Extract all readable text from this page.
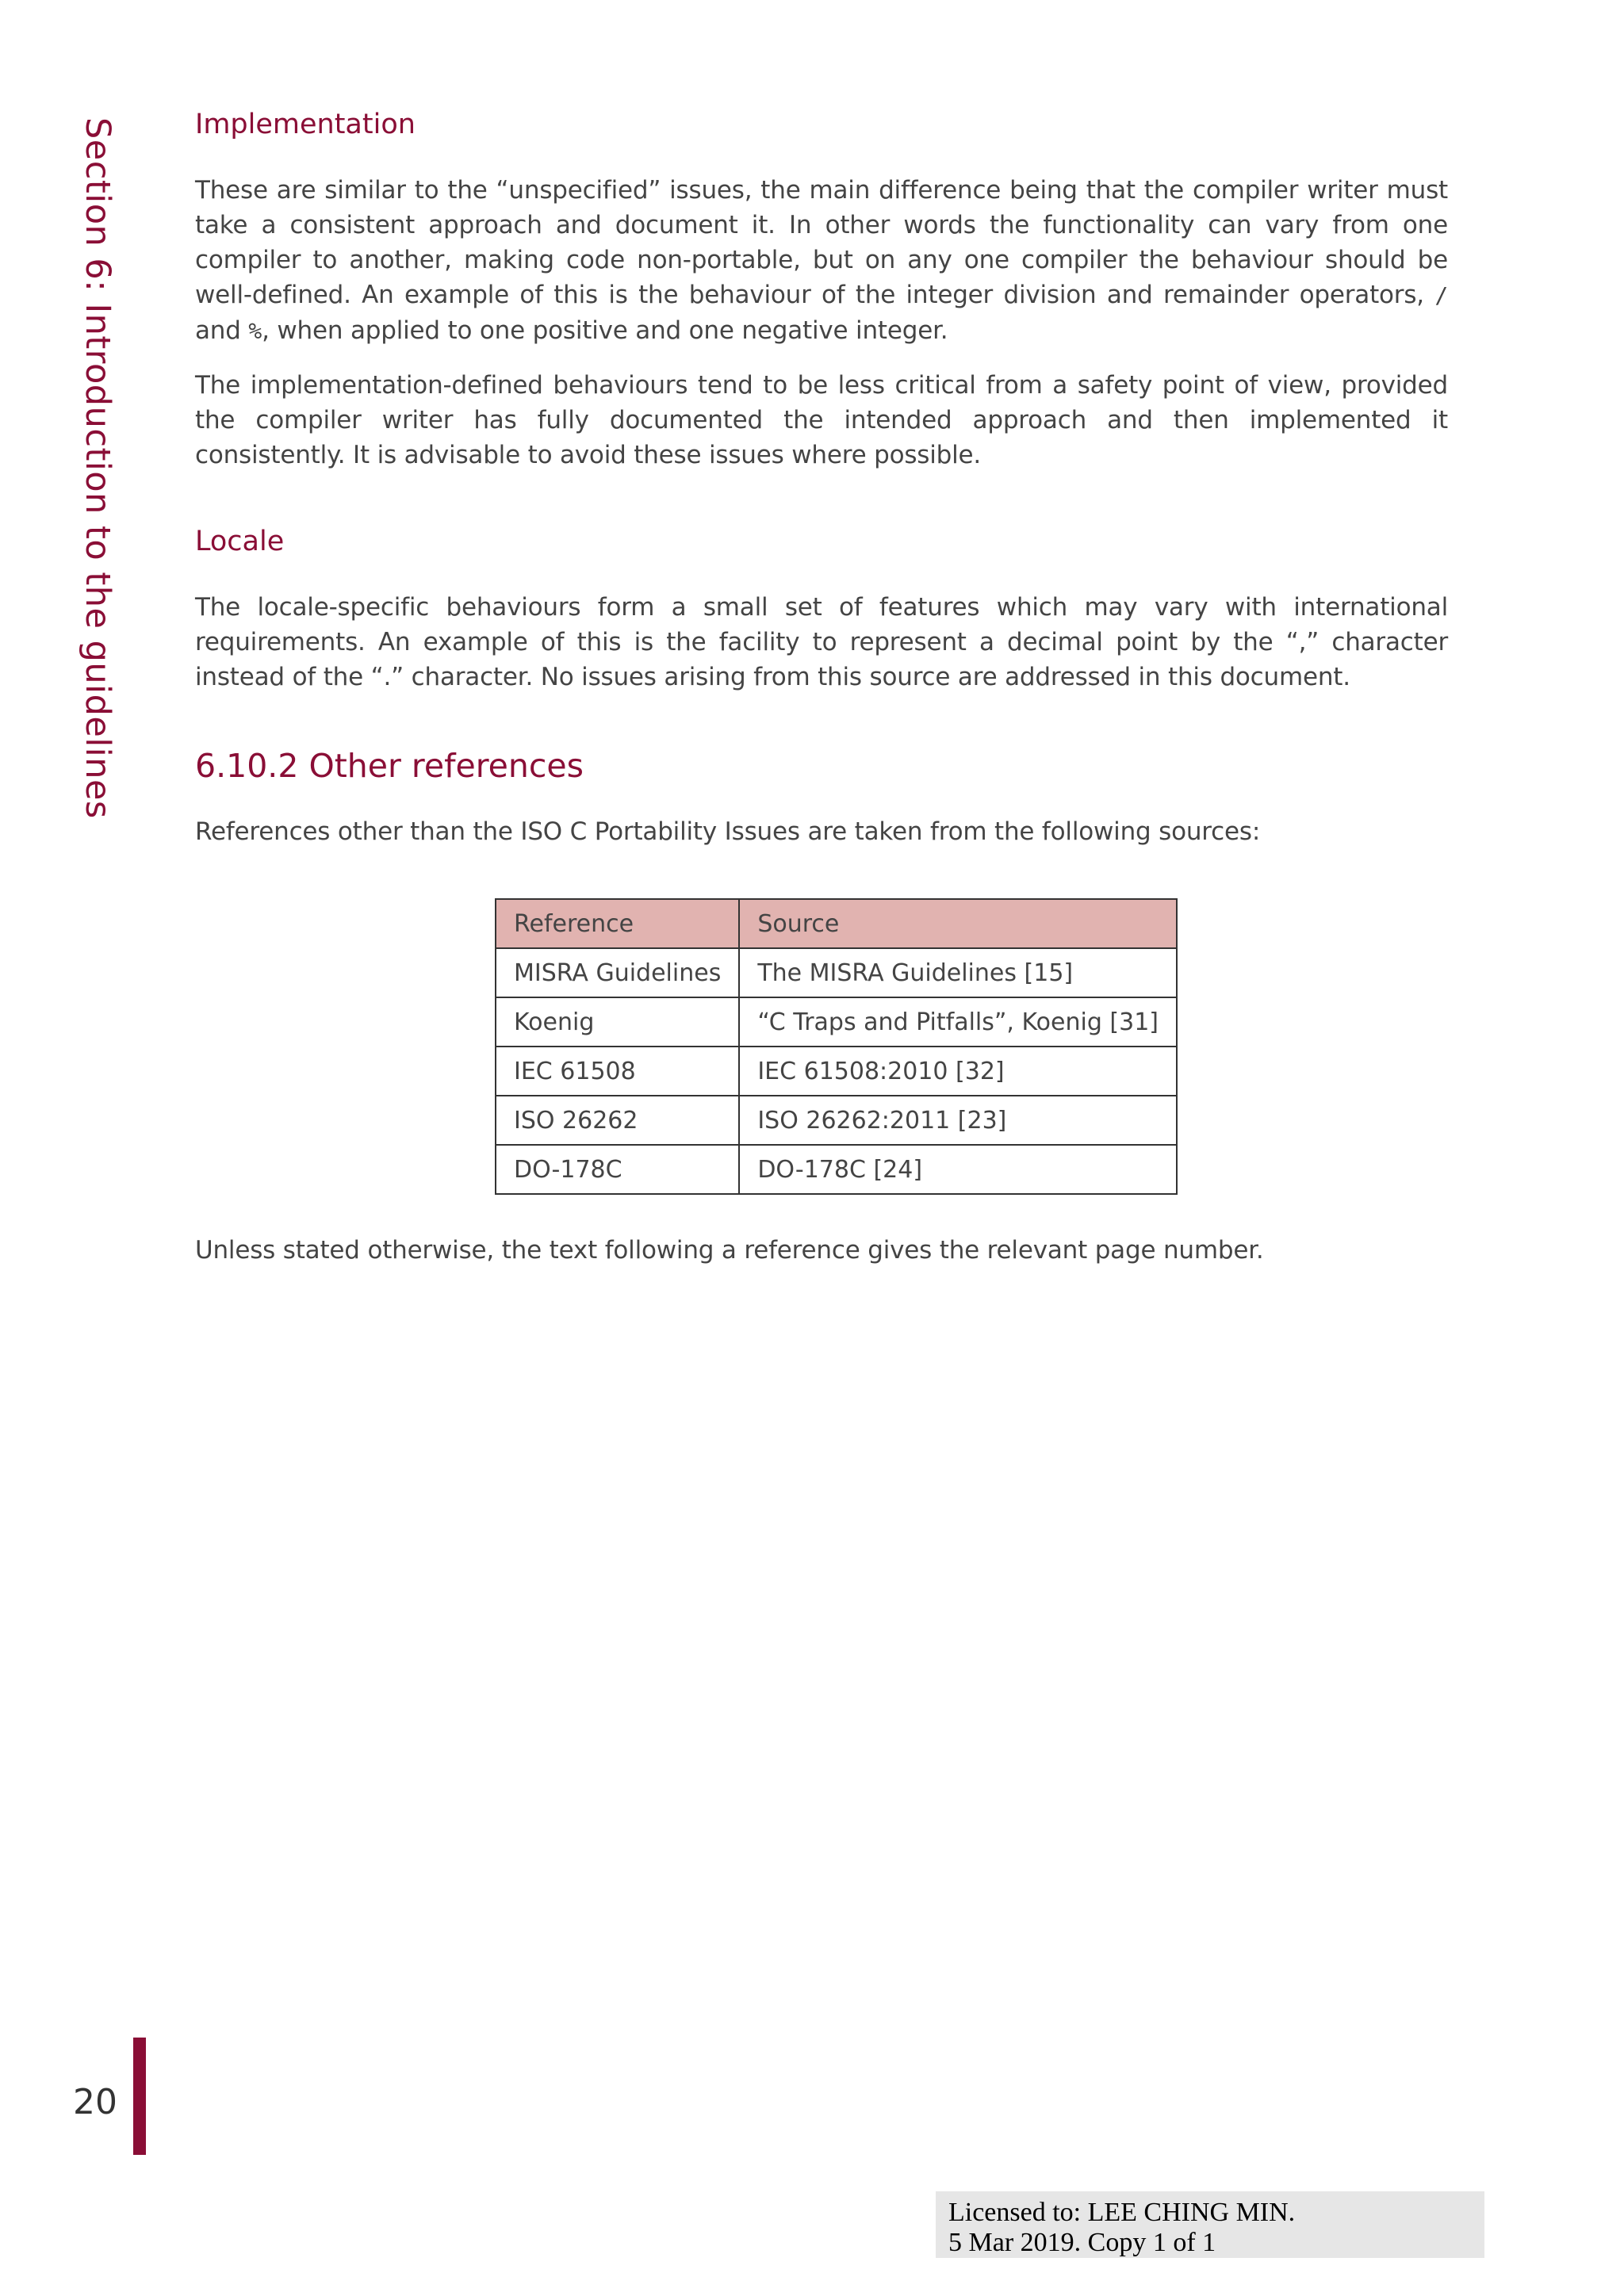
Section 6: Introduction to the guidelines	Implementation

These are similar to the “unspecified” issues, the main difference being that the compiler writer must take a consistent approach and document it. In other words the functionality can vary from one compiler to another, making code non-portable, but on any one compiler the behaviour should be well-defined. An example of this is the behaviour of the integer division and remainder operators, / and %, when applied to one positive and one negative integer.

The implementation-defined behaviours tend to be less critical from a safety point of view, provided the compiler writer has fully documented the intended approach and then implemented it consistently. It is advisable to avoid these issues where possible.

Locale

The locale-specific behaviours form a small set of features which may vary with international requirements. An example of this is the facility to represent a decimal point by the “,” character instead of the “.” character. No issues arising from this source are addressed in this document.

6.10.2 Other references

References other than the ISO C Portability Issues are taken from the following sources:

Reference	Source
MISRA Guidelines	The MISRA Guidelines [15]
Koenig	“C Traps and Pitfalls”, Koenig [31]
IEC 61508	IEC 61508:2010 [32]
ISO 26262	ISO 26262:2011 [23]
DO-178C	DO-178C [24]

Unless stated otherwise, the text following a reference gives the relevant page number.

20
Licensed to: LEE CHING MIN.
5 Mar 2019. Copy 1 of 1
